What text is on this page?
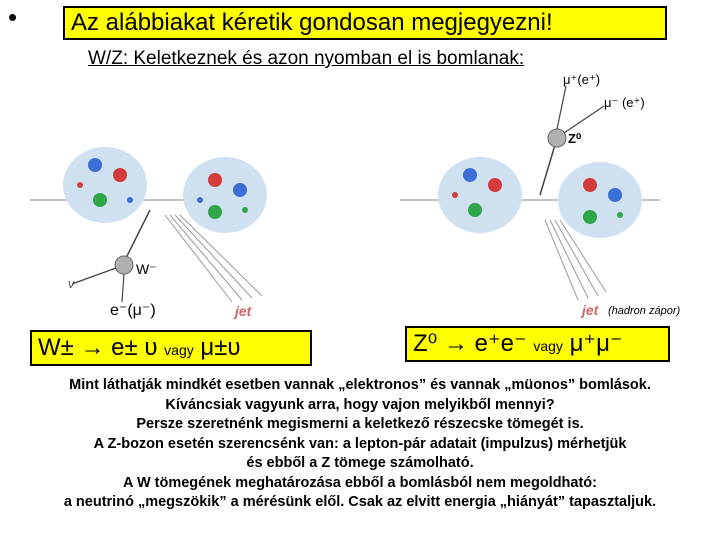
•	Az alábbiakat kéretik gondosan megjegyezni!
W/Z: Keletkeznek és azon nyomban el is bomlanak:
W⁻
ν
e⁻(μ⁻)	jet
μ⁺(e⁺)
μ⁻ (e⁺)
Z⁰
jet (hadron zápor)
W± → e± υ vagy μ±υ	Z⁰ → e⁺e⁻ vagy μ⁺μ⁻
Mint láthatják mindkét esetben vannak „elektronos” és vannak „müonos” bomlások.
Kíváncsiak vagyunk arra, hogy vajon melyikből mennyi?
Persze szeretnénk megismerni a keletkező részecske tömegét is.
A Z-bozon esetén szerencsénk van: a lepton-pár adatait (impulzus) mérhetjük
és ebből a Z tömege számolható.
A W tömegének meghatározása ebből a bomlásból nem megoldható:
a neutrinó „megszökik” a mérésünk elől. Csak az elvitt energia „hiányát” tapasztaljuk.
